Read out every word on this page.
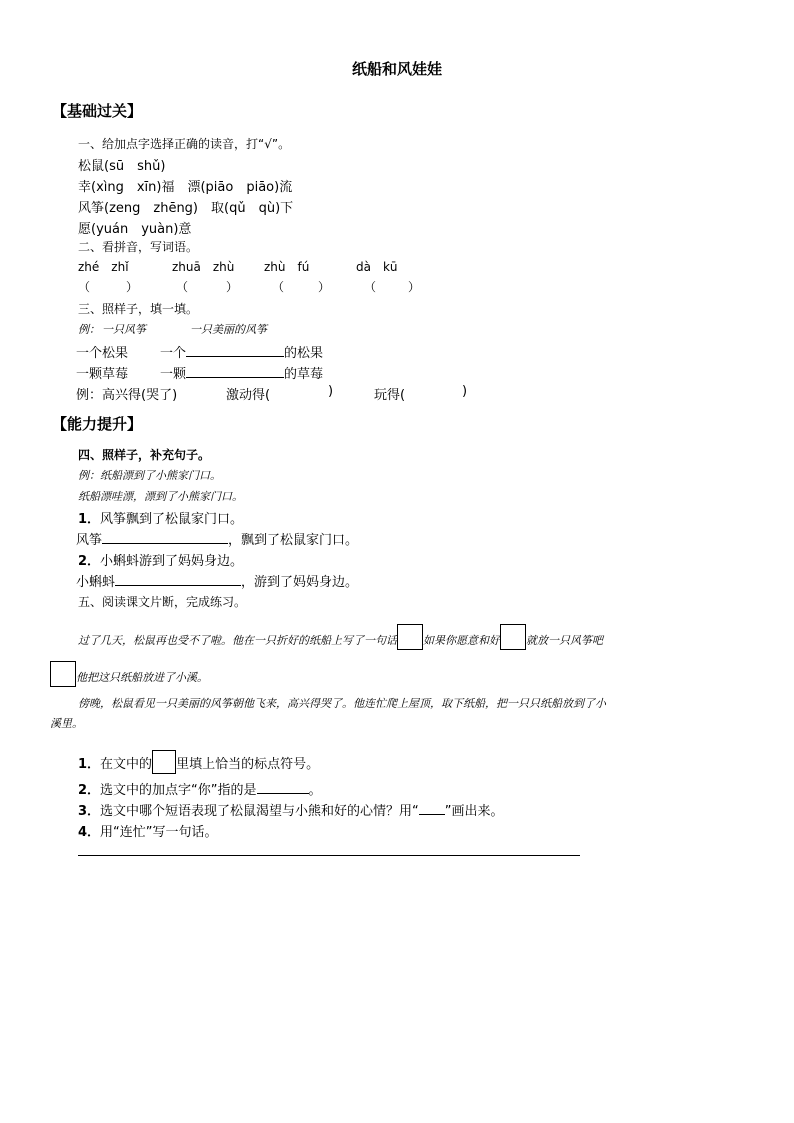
纸船和风娃娃
【基础过关】
一、给加点字选择正确的读音，打“√”。
松鼠(sū　shǔ)
幸(xìng　xīn)福　漂(piāo　piāo)流
风筝(zeng　zhēng)　取(qǔ　qù)下
愿(yuán　yuàn)意
二、看拼音，写词语。
zhé　zhǐ	zhuā　zhù zhù　fú	dà　kū
（	）	（	）	（	）	（	）
三、照样子，填一填。
例： 一只风筝	一只美丽的风筝
一个松果 一个	的松果
一颗草莓 一颗	的草莓
例：高兴得(哭了)	激动得(	)	玩得(	)
【能力提升】
四、照样子，补充句子。
例：纸船漂到了小熊家门口。
纸船漂哇漂，漂到了小熊家门口。
1．风筝飘到了松鼠家门口。
风筝	，飘到了松鼠家门口。
2．小蝌蚪游到了妈妈身边。
小蝌蚪	，游到了妈妈身边。
五、阅读课文片断，完成练习。
过了几天，松鼠再也受不了啦。他在一只折好的纸船上写了一句话 如果你愿意和好 就放一只风筝吧
他把这只纸船放进了小溪。
傍晚，松鼠看见一只美丽的风筝朝他飞来，高兴得哭了。他连忙爬上屋顶，取下纸船，把一只只纸船放到了小
溪里。
1．在文中的 里填上恰当的标点符号。
2．选文中的加点字“你”指的是	。
3．选文中哪个短语表现了松鼠渴望与小熊和好的心情？用“ ”画出来。
4．用“连忙”写一句话。
